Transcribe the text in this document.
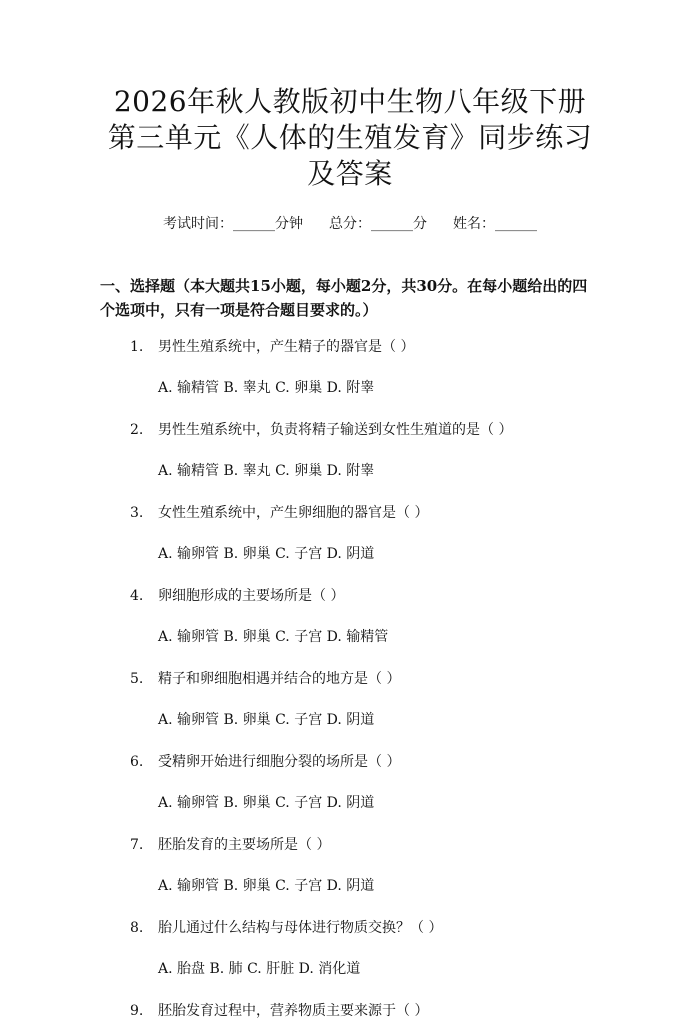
2026年秋人教版初中生物八年级下册第三单元《人体的生殖发育》同步练习及答案
考试时间：______分钟 总分：______分 姓名：______
一、选择题（本大题共15小题，每小题2分，共30分。在每小题给出的四个选项中，只有一项是符合题目要求的。）
1.	男性生殖系统中，产生精子的器官是（ ）
A. 输精管 B. 睾丸 C. 卵巢 D. 附睾
2.	男性生殖系统中，负责将精子输送到女性生殖道的是（ ）
A. 输精管 B. 睾丸 C. 卵巢 D. 附睾
3.	女性生殖系统中，产生卵细胞的器官是（ ）
A. 输卵管 B. 卵巢 C. 子宫 D. 阴道
4.	卵细胞形成的主要场所是（ ）
A. 输卵管 B. 卵巢 C. 子宫 D. 输精管
5.	精子和卵细胞相遇并结合的地方是（ ）
A. 输卵管 B. 卵巢 C. 子宫 D. 阴道
6.	受精卵开始进行细胞分裂的场所是（ ）
A. 输卵管 B. 卵巢 C. 子宫 D. 阴道
7.	胚胎发育的主要场所是（ ）
A. 输卵管 B. 卵巢 C. 子宫 D. 阴道
8.	胎儿通过什么结构与母体进行物质交换？（ ）
A. 胎盘 B. 肺 C. 肝脏 D. 消化道
9.	胚胎发育过程中，营养物质主要来源于（ ）
